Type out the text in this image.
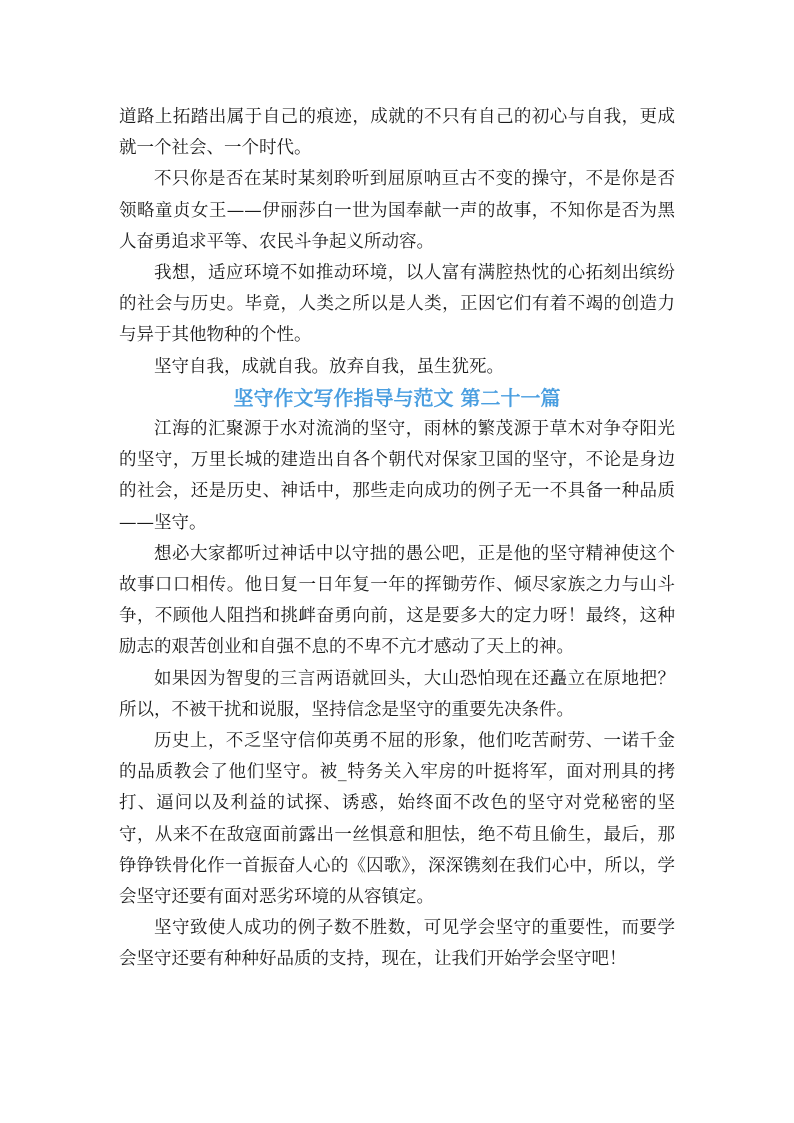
道路上拓踏出属于自己的痕迹，成就的不只有自己的初心与自我，更成就一个社会、一个时代。

不只你是否在某时某刻聆听到屈原呐亘古不变的操守，不是你是否领略童贞女王——伊丽莎白一世为国奉献一声的故事，不知你是否为黑人奋勇追求平等、农民斗争起义所动容。

我想，适应环境不如推动环境，以人富有满腔热忱的心拓刻出缤纷的社会与历史。毕竟，人类之所以是人类，正因它们有着不竭的创造力与异于其他物种的个性。

坚守自我，成就自我。放弃自我，虽生犹死。

坚守作文写作指导与范文 第二十一篇

江海的汇聚源于水对流淌的坚守，雨林的繁茂源于草木对争夺阳光的坚守，万里长城的建造出自各个朝代对保家卫国的坚守，不论是身边的社会，还是历史、神话中，那些走向成功的例子无一不具备一种品质——坚守。

想必大家都听过神话中以守拙的愚公吧，正是他的坚守精神使这个故事口口相传。他日复一日年复一年的挥锄劳作、倾尽家族之力与山斗争，不顾他人阻挡和挑衅奋勇向前，这是要多大的定力呀！最终，这种励志的艰苦创业和自强不息的不卑不亢才感动了天上的神。

如果因为智叟的三言两语就回头，大山恐怕现在还矗立在原地把？所以，不被干扰和说服，坚持信念是坚守的重要先决条件。

历史上，不乏坚守信仰英勇不屈的形象，他们吃苦耐劳、一诺千金的品质教会了他们坚守。被_特务关入牢房的叶挺将军，面对刑具的拷打、逼问以及利益的试探、诱惑，始终面不改色的坚守对党秘密的坚守，从来不在敌寇面前露出一丝惧意和胆怯，绝不苟且偷生，最后，那铮铮铁骨化作一首振奋人心的《囚歌》，深深镌刻在我们心中，所以，学会坚守还要有面对恶劣环境的从容镇定。

坚守致使人成功的例子数不胜数，可见学会坚守的重要性，而要学会坚守还要有种种好品质的支持，现在，让我们开始学会坚守吧！
